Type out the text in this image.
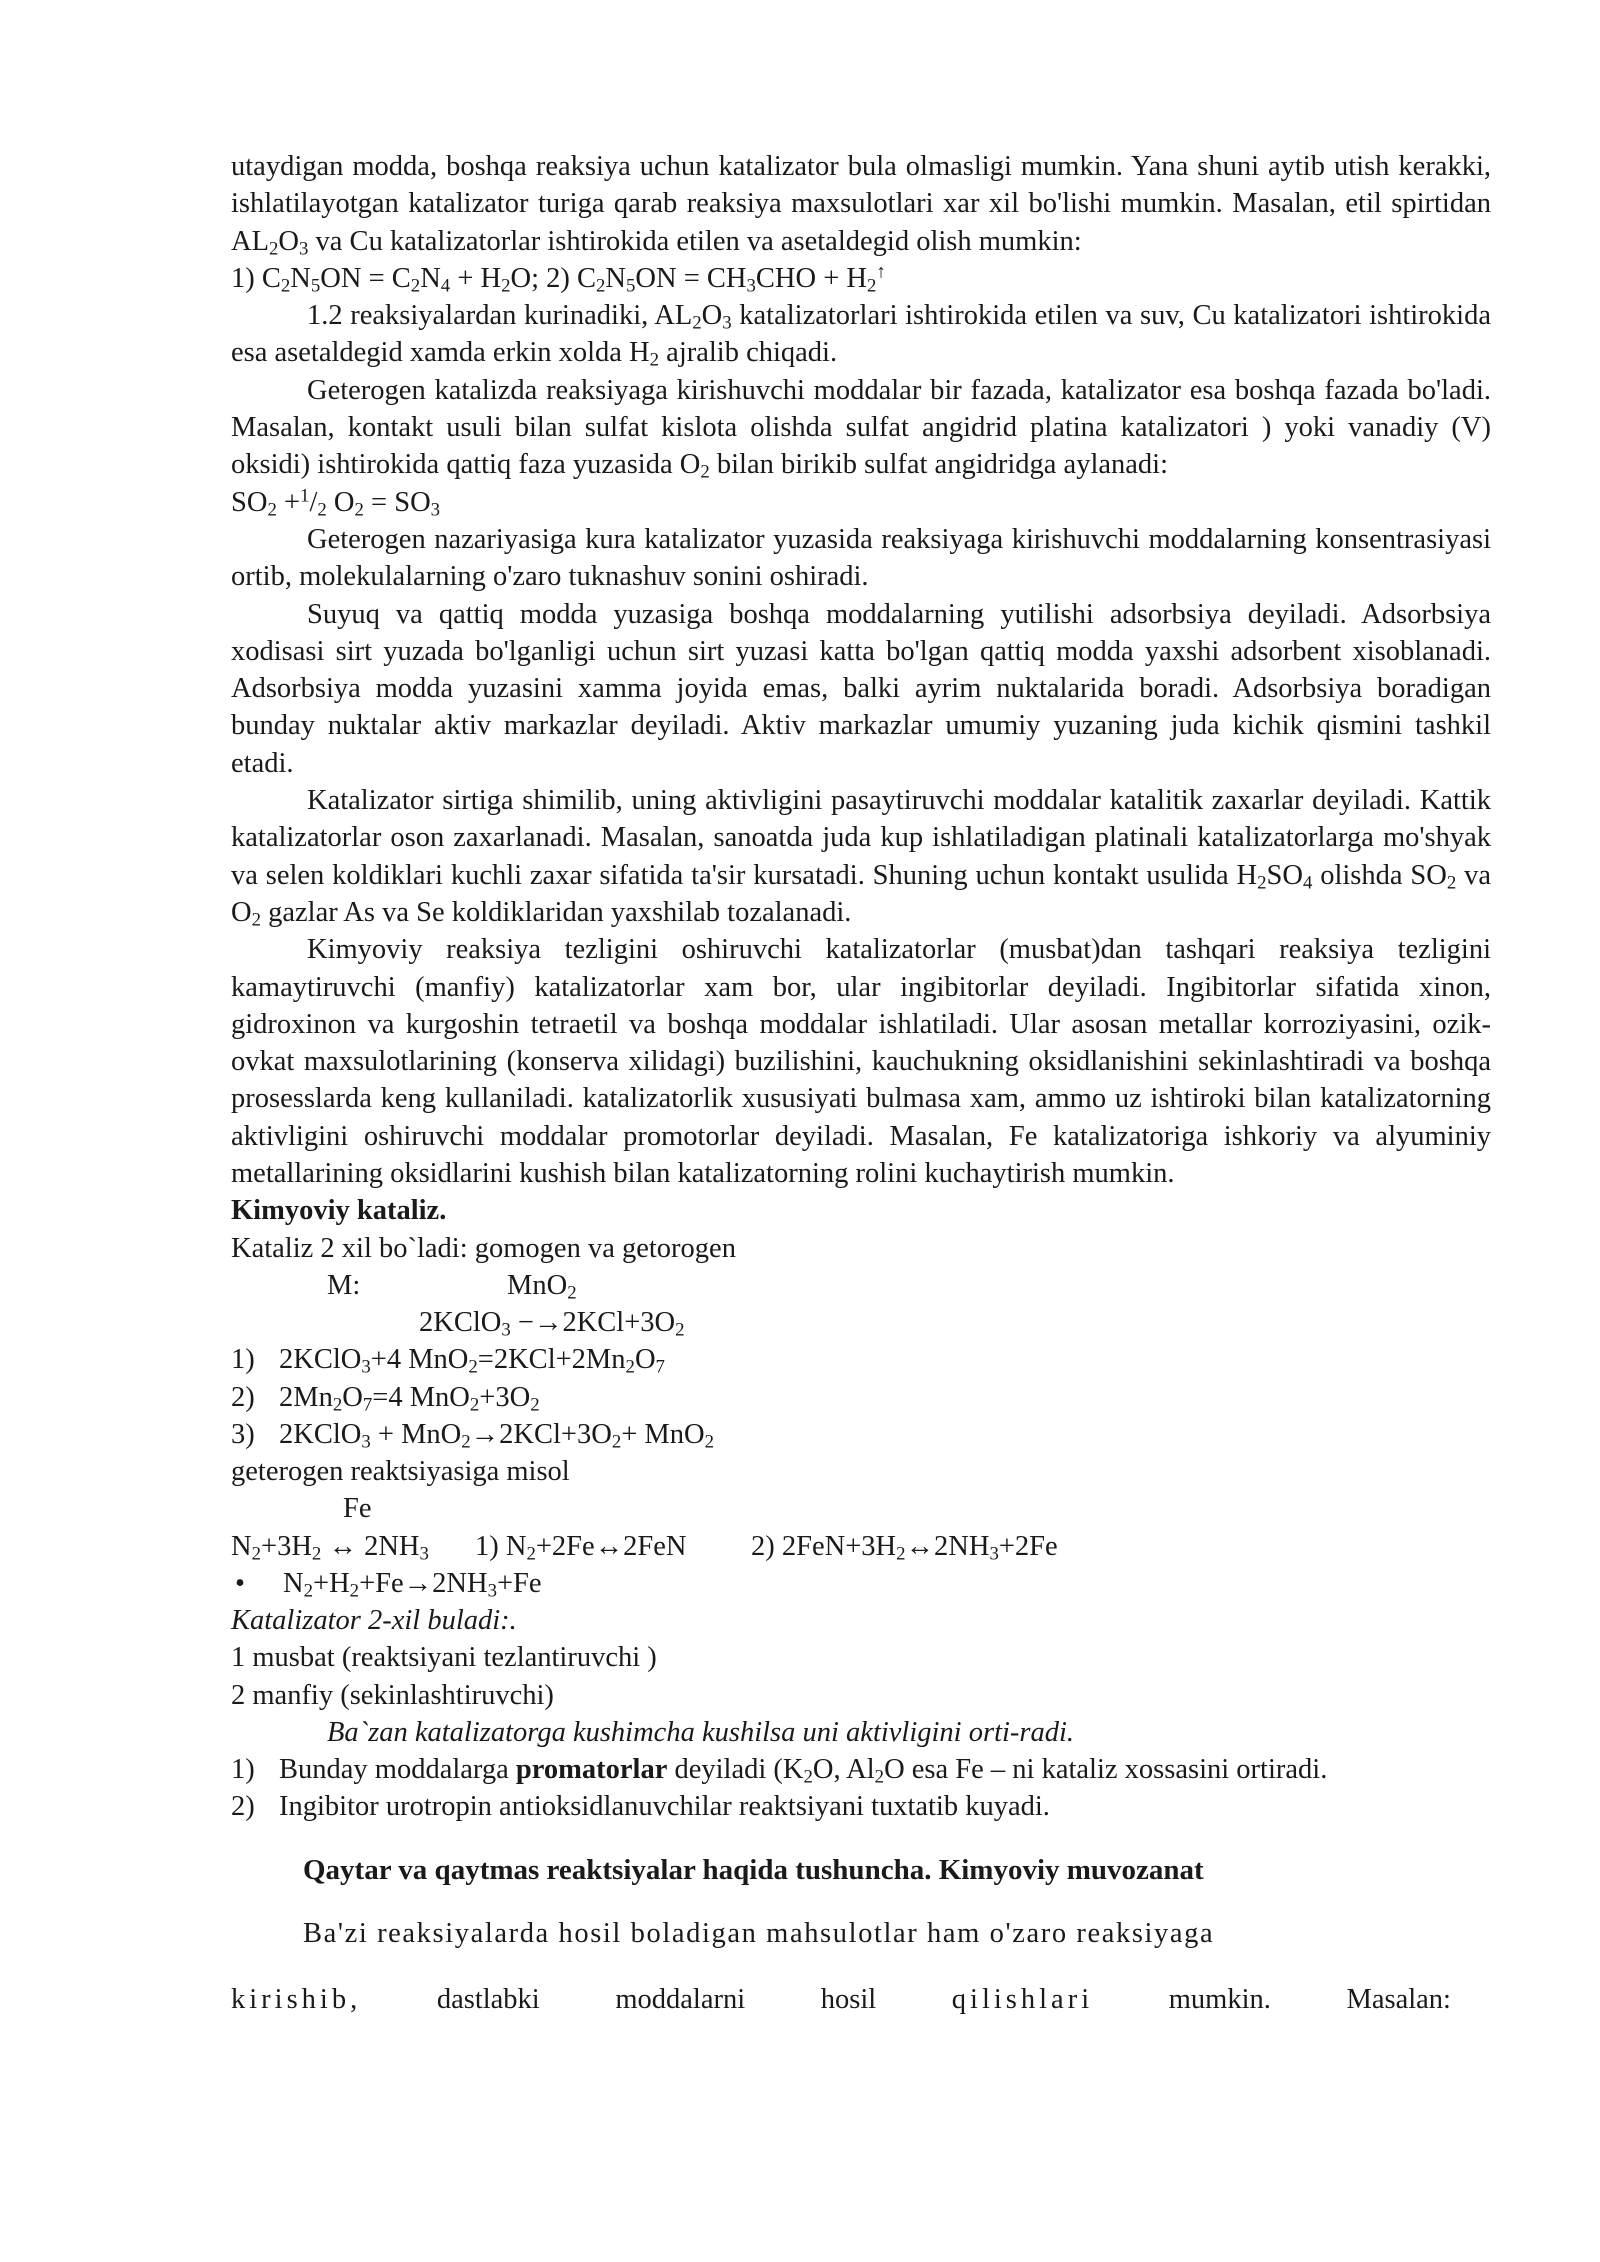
utaydigan modda, boshqa reaksiya uchun katalizator bula olmasligi mumkin. Yana shuni aytib utish kerakki, ishlatilayotgan katalizator turiga qarab reaksiya maxsulotlari xar xil bo'lishi mumkin. Masalan, etil spirtidan $AL_2O_3$ va Cu katalizatorlar ishtirokida etilen va asetaldegid olish mumkin:

1) $C_2N_5ON = C_2N_4 + H_2O$; 2) $C_2N_5ON = CH_3CHO + H_2^↑$

1.2 reaksiyalardan kurinadiki, $AL_2O_3$ katalizatorlari ishtirokida etilen va suv, Cu katalizatori ishtirokida esa asetaldegid xamda erkin xolda $H_2$ ajralib chiqadi.

Geterogen katalizda reaksiyaga kirishuvchi moddalar bir fazada, katalizator esa boshqa fazada bo'ladi. Masalan, kontakt usuli bilan sulfat kislota olishda sulfat angidrid platina katalizatori ) yoki vanadiy (V) oksidi) ishtirokida qattiq faza yuzasida $O_2$ bilan birikib sulfat angidridga aylanadi:

$SO_2 +^1/_2$ $O_2 = SO_3$

Geterogen nazariyasiga kura katalizator yuzasida reaksiyaga kirishuvchi moddalarning konsentrasiyasi ortib, molekulalarning o'zaro tuknashuv sonini oshiradi.

Suyuq va qattiq modda yuzasiga boshqa moddalarning yutilishi adsorbsiya deyiladi. Adsorbsiya xodisasi sirt yuzada bo'lganligi uchun sirt yuzasi katta bo'lgan qattiq modda yaxshi adsorbent xisoblanadi. Adsorbsiya modda yuzasini xamma joyida emas, balki ayrim nuktalarida boradi. Adsorbsiya boradigan bunday nuktalar aktiv markazlar deyiladi. Aktiv markazlar umumiy yuzaning juda kichik qismini tashkil etadi.

Katalizator sirtiga shimilib, uning aktivligini pasaytiruvchi moddalar katalitik zaxarlar deyiladi. Kattik katalizatorlar oson zaxarlanadi. Masalan, sanoatda juda kup ishlatiladigan platinali katalizatorlarga mo'shyak va selen koldiklari kuchli zaxar sifatida ta'sir kursatadi. Shuning uchun kontakt usulida $H_2SO_4$ olishda $SO_2$ va $O_2$ gazlar As va Se koldiklaridan yaxshilab tozalanadi.

Kimyoviy reaksiya tezligini oshiruvchi katalizatorlar (musbat)dan tashqari reaksiya tezligini kamaytiruvchi (manfiy) katalizatorlar xam bor, ular ingibitorlar deyiladi. Ingibitorlar sifatida xinon, gidroxinon va kurgoshin tetraetil va boshqa moddalar ishlatiladi. Ular asosan metallar korroziyasini, ozik-ovkat maxsulotlarining (konserva xilidagi) buzilishini, kauchukning oksidlanishini sekinlashtiradi va boshqa prosesslarda keng kullaniladi. katalizatorlik xususiyati bulmasa xam, ammo uz ishtiroki bilan katalizatorning aktivligini oshiruvchi moddalar promotorlar deyiladi. Masalan, Fe katalizatoriga ishkoriy va alyuminiy metallarining oksidlarini kushish bilan katalizatorning rolini kuchaytirish mumkin.

Kimyoviy kataliz.

Kataliz 2 xil bo`ladi: gomogen va getorogen

M:	MnO$_2$

2KClO$_3$ $-\to 2KCl+3O_2$

1) 2KClO$_3$+4 $MnO_2=2KCl+2Mn_2O_7$

2) $2Mn_2O_7=4$ $MnO_2+3O_2$

3) 2KClO$_3$ + $MnO_2\to 2KCl+3O_2+ MnO_2$

geterogen reaktsiyasiga misol

Fe

$N_2+3H_2$ ↔ $2NH_3$ 1) $N_2+2Fe\leftrightarrow 2FeN$ 2) $2FeN+3H_2\leftrightarrow 2NH_3+2Fe$

• $N_2+H_2+Fe\to 2NH_3+Fe$

Katalizator 2-xil buladi:.

1 musbat (reaktsiyani tezlantiruvchi )

2 manfiy (sekinlashtiruvchi)

Ba`zan katalizatorga kushimcha kushilsa uni aktivligini orti-radi.

1) Bunday moddalarga promatorlar deyiladi ($K_2O$, $Al_2O$ esa Fe – ni kataliz xossasini ortiradi.

2) Ingibitor urotropin antioksidlanuvchilar reaktsiyani tuxtatib kuyadi.

Qaytar va qaytmas reaktsiyalar haqida tushuncha. Kimyoviy muvozanat

Ba'zi reaksiyalarda hosil boladigan mahsulotlar ham o'zaro reaksiyaga

kirishib,	dastlabki	moddalarni	hosil	qilishlari	mumkin.	Masalan:
